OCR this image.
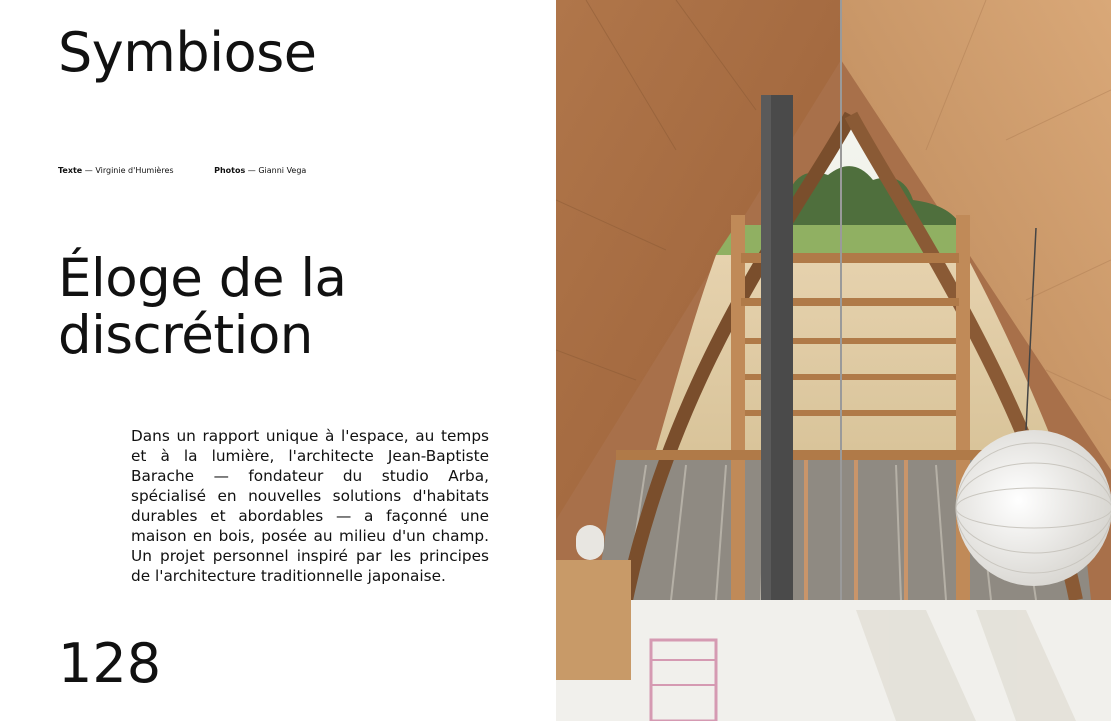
Symbiose
Texte — Virginie d'Humières	Photos — Gianni Vega
Éloge de la
discrétion

Dans un rapport unique à l'espace, au temps et à la lumière, l'architecte Jean-Baptiste Barache — fondateur du studio Arba, spécialisé en nouvelles solutions d'habitats durables et abordables — a façonné une maison en bois, posée au milieu d'un champ. Un projet personnel inspiré par les principes de l'architecture traditionnelle japonaise.

128
